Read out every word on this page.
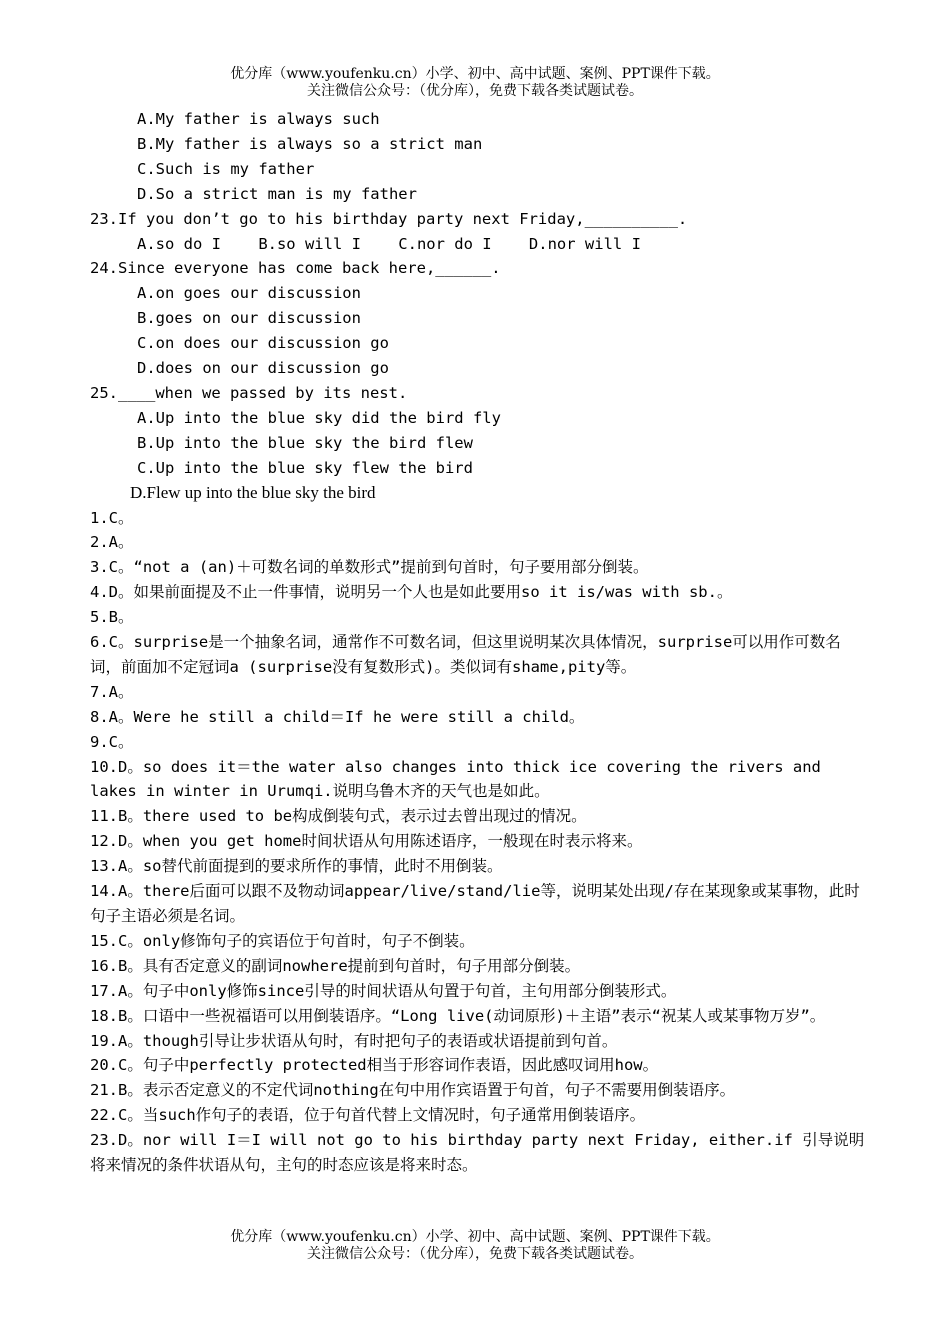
优分库（www.youfenku.cn）小学、初中、高中试题、案例、PPT课件下载。
关注微信公众号：（优分库），免费下载各类试题试卷。
A.My father is always such
B.My father is always so a strict man
C.Such is my father
D.So a strict man is my father
23.If you don’t go to his birthday party next Friday,__________.
A.so do I    B.so will I    C.nor do I    D.nor will I
24.Since everyone has come back here,______.
A.on goes our discussion
B.goes on our discussion
C.on does our discussion go
D.does on our discussion go
25.____when we passed by its nest.
A.Up into the blue sky did the bird fly
B.Up into the blue sky the bird flew
C.Up into the blue sky flew the bird
D.Flew up into the blue sky the bird
1.C。
2.A。
3.C。“not a (an)＋可数名词的单数形式”提前到句首时，句子要用部分倒装。
4.D。如果前面提及不止一件事情，说明另一个人也是如此要用so it is/was with sb.。
5.B。
6.C。surprise是一个抽象名词，通常作不可数名词，但这里说明某次具体情况，surprise可以用作可数名词，前面加不定冠词a (surprise没有复数形式)。类似词有shame,pity等。
7.A。
8.A。Were he still a child＝If he were still a child。
9.C。
10.D。so does it＝the water also changes into thick ice covering the rivers and lakes in winter in Urumqi.说明乌鲁木齐的天气也是如此。
11.B。there used to be构成倒装句式，表示过去曾出现过的情况。
12.D。when you get home时间状语从句用陈述语序，一般现在时表示将来。
13.A。so替代前面提到的要求所作的事情，此时不用倒装。
14.A。there后面可以跟不及物动词appear/live/stand/lie等，说明某处出现/存在某现象或某事物，此时句子主语必须是名词。
15.C。only修饰句子的宾语位于句首时，句子不倒装。
16.B。具有否定意义的副词nowhere提前到句首时，句子用部分倒装。
17.A。句子中only修饰since引导的时间状语从句置于句首，主句用部分倒装形式。
18.B。口语中一些祝福语可以用倒装语序。“Long live(动词原形)＋主语”表示“祝某人或某事物万岁”。
19.A。though引导让步状语从句时，有时把句子的表语或状语提前到句首。
20.C。句子中perfectly protected相当于形容词作表语，因此感叹词用how。
21.B。表示否定意义的不定代词nothing在句中用作宾语置于句首，句子不需要用倒装语序。
22.C。当such作句子的表语，位于句首代替上文情况时，句子通常用倒装语序。
23.D。nor will I＝I will not go to his birthday party next Friday, either.if 引导说明将来情况的条件状语从句，主句的时态应该是将来时态。
优分库（www.youfenku.cn）小学、初中、高中试题、案例、PPT课件下载。
关注微信公众号：（优分库），免费下载各类试题试卷。
